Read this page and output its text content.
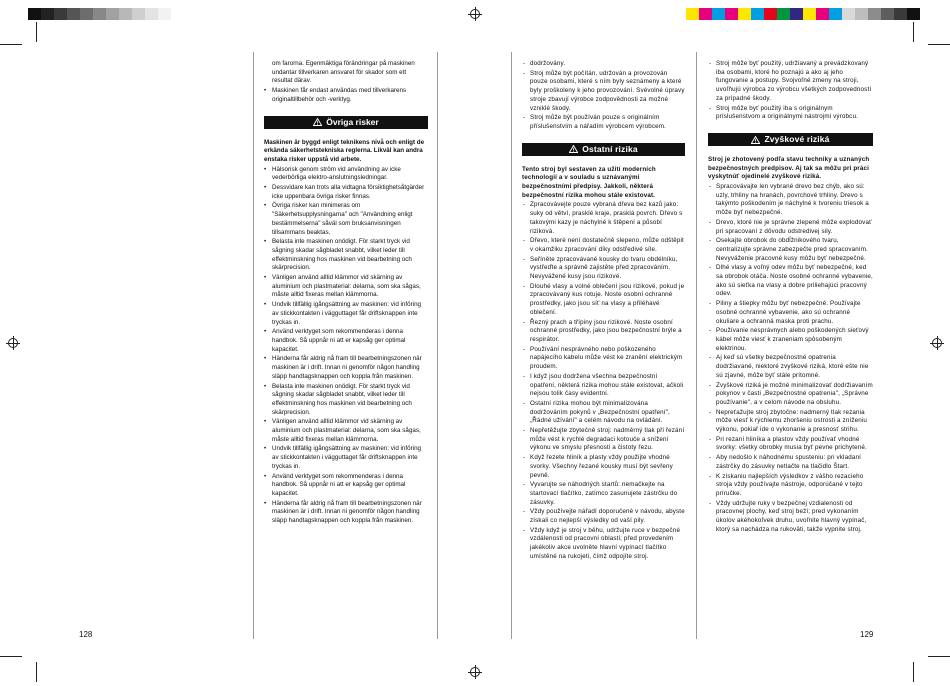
om farorna. Egenmäktiga förändringar på maskinen undantar tillverkaren ansvaret för skador som ett resultat därav.
• Maskinen får endast användas med tillverkarens originaltillbehör och -verktyg.
Övriga risker

Maskinen är byggd enligt teknikens nivå och enligt de erkända säkerhetstekniska reglerna. Likväl kan andra enstaka risker uppstå vid arbete.

• Hälsorisk genom ström vid användning av icke vederbörliga elektro-anslutningsledningar.
• Dessvidare kan trots alla vidtagna försiktighetsåtgärder icke uppenbara övriga risker finnas.
• Övriga risker kan minimeras om "Säkerhetsupplysningarna" och "Användning enligt bestämmelserna" såväl som bruksanvisningen tillsammans beaktas.
• Belasta inte maskinen onödigt. För starkt tryck vid sågning skadar sågbladet snabbt, vilket leder till effektminskning hos maskinen vid bearbetning och skärprecision.
• Vänligen använd alltid klämmor vid skärning av aluminium och plastmaterial: delarna, som ska sågas, måste alltid fixeras mellan klämmorna.
• Undvik tillfällig igångsättning av maskinen: vid införing av stickkontakten i vägguttaget får driftsknappen inte tryckas in.
• Använd verktyget som rekommenderas i denna handbok. Så uppnår ni att er kapsåg ger optimal kapacitet.
• Händerna får aldrig nå fram till bearbetningszonen när maskinen är i drift. Innan ni genomför någon handling släpp handtagsknappen och koppla från maskinen.
• Belasta inte maskinen onödigt. För starkt tryck vid sågning skadar sågbladet snabbt, vilket leder till effektminskning hos maskinen vid bearbetning och skärprecision.
• Vänligen använd alltid klämmor vid skärning av aluminium och plastmaterial: delarna, som ska sågas, måste alltid fixeras mellan klämmorna.
• Undvik tillfällig igångsättning av maskinen: vid införing av stickkontakten i vägguttaget får driftsknappen inte tryckas in.
• Använd verktyget som rekommenderas i denna handbok. Så uppnår ni att er kapsåg ger optimal kapacitet.
• Händerna får aldrig nå fram till bearbetningszonen när maskinen är i drift. Innan ni genomför någon handling släpp handtagsknappen och koppla från maskinen.
- dodržovány.
- Stroj může být počítán, udržován a provozován pouze osobami, které s ním byly seznámeny a které byly proškoleny k jeho provozování. Svévolné úpravy stroje zbavují výrobce zodpovědnosti za možné vzniklé škody.
- Stroj může být používán pouze s originálním příslušenstvím a nářadím výrobcem výrobcem.
Ostatní rizika

Tento stroj byl sestaven za užití moderních technologií a v souladu s uznávanými bezpečnostními předpisy. Jakkoli, některá bezpečnostní rizika mohou stále existovat.

- Zpracovávejte pouze vybraná dřeva bez kazů jako: suky od větví, prasklé kraje, prasklá povrch. Dřevo s takovými kazy je náchylné k štěpení a působí riziková.
- Dřevo, které není dostatečně slepeno, může odštěpit v okamžiku zpracování díky odstředivé síle.
- Seříněte zpracovávané kousky do tvaru obdélníku, vystřeďte a správně zajistěte před zpracováním. Nevyvážené kusy jsou rizikové.
- Dlouhé vlasy a volné oblečení jsou rizikové, pokud je zpracovávaný kus rotuje. Noste osobní ochranné prostředky, jako jsou síť na vlasy a přiléhavé oblečení.
- Řezný prach a třípiny jsou rizikové. Noste osobní ochranné prostředky, jako jsou bezpečnostní brýle a respirátor.
- Používání nesprávného nebo poškozeného napájecího kabelu může vést ke zranění elektrickým proudem.
- I když jsou dodržena všechna bezpečnostní opatření, některá rizika mohou stále existovat, ačkoli nejsou tolik časy evidentní.
- Ostatní rizika mohou být minimalizována dodržováním pokynů v „Bezpečnostní opatření", „Řádné užívání" a celém návodu na ovládání.
- Nepřetěžujte zbytečně stroj: nadměrný tlak při řezání může vést k rychlé degradaci kotouče a snížení výkonu ve smyslu přesnosti a čistoty řezu.
- Když řezete hliník a plasty vždy použijte vhodné svorky. Všechny řezané kousky musí být sevřeny pevně.
- Vyvarujte se náhodných startů: nemačkejte na startovací tlačítko, zatímco zasunujete zástrčku do zásuvky.
- Vždy používejte nářadí doporučené v návodu, abyste získali co nejlepší výsledky od vaší pily.
- Vždy když je stroj v běhu, udržujte ruce v bezpečné vzdálenosti od pracovní oblasti; před provedením jakékoliv akce uvolněte hlavní vypínací tlačítko umístěné na rukojeti, čímž odpojíte stroj.
- Stroj môže byť použitý, udržiavaný a prevádzkovaný iba osobami, ktoré ho poznajú a ako aj jeho fungovanie a postupy. Svojvoľné zmeny na stroji, uvoľňujú výrobca zo výrobcu všetkých zodpovedností za prípadné škody.
- Stroj môže byť použitý iba s originálnym príslušenstvom a originálnymi nástrojmi výrobcu.
Zvyškové riziká

Stroj je zhotovený podľa stavu techniky a uznaných bezpečnostných predpisov. Aj tak sa môžu pri práci vyskytnúť ojedinelé zvyškové riziká.

- Spracovávajte len vybrané drevo bez chýb, ako sú: uzly, trhliny na hranách, povrchové trhliny. Drevo s takýmto poškodením je náchylné k tvoreniu triesok a môže byť nebezpečné.
- Drevo, ktoré nie je správne zlepené môže explodovať pri spracovaní z dôvodu odstredivej sily.
- Osekajte obrobok do obdĺžnikového tvaru, centralizujte správne zabezpečte pred spracovaním. Nevyváženie pracovné kusy môžu byť nebezpečné.
- Dlhé vlasy a voľný odev môžu byť nebezpečné, ked sa obrobok otáča. Noste osobné ochranné vybavenie, ako sú sieťka na vlasy a dobre priliehajúci pracovný odev.
- Piliny a štiepky môžu byť nebezpečné. Používajte osobné ochranné vybavenie, ako sú ochranné okuliare a ochranná maska proti prachu.
- Používanie nesprávnych alebo poškodených sieťový kábel môže viesť k zraneniam spôsobeným elektrinou.
- Aj keď sú všetky bezpečnostné opatrenia dodržiavané, niektoré zvyškové riziká, ktoré ešte nie sú zjavné, môže byť stále prítomné.
- Zvyškové riziká je možné minimalizovať dodržiavaním pokynov v časti „Bezpečnostné opatrenia", „Správne používanie", a v celom návode na obsluhu.
- Nepreťažujte stroj zbytočne: nadmerný tlak rezania môže viesť k rýchlemu zhoršeniu ostrosti a zníženiu výkonu, pokiaľ ide o vykonanie a presnosť strihu.
- Pri rezaní hliníka a plastov vždy používať vhodné svorky: všetky obrobky musia byť pevne prichytené.
- Aby nedošlo k náhodnému spusteniu: pri vkladaní zástrčky do zásuvky netlačte na tlačidlo Štart.
- K získaniu najlepších výsledkov z vášho rezacieho stroja vždy používajte nástroje, odporúčané v tejto príručke.
- Vždy udržujte ruky v bezpečnej vzdialenosti od pracovnej plochy, keď stroj beží; pred vykonaním úkolov akéhokoľvek druhu, uvoľnite hlavný vypínač, ktorý sa nachádza na rukoväti, takže vypnite stroj.
128	129
